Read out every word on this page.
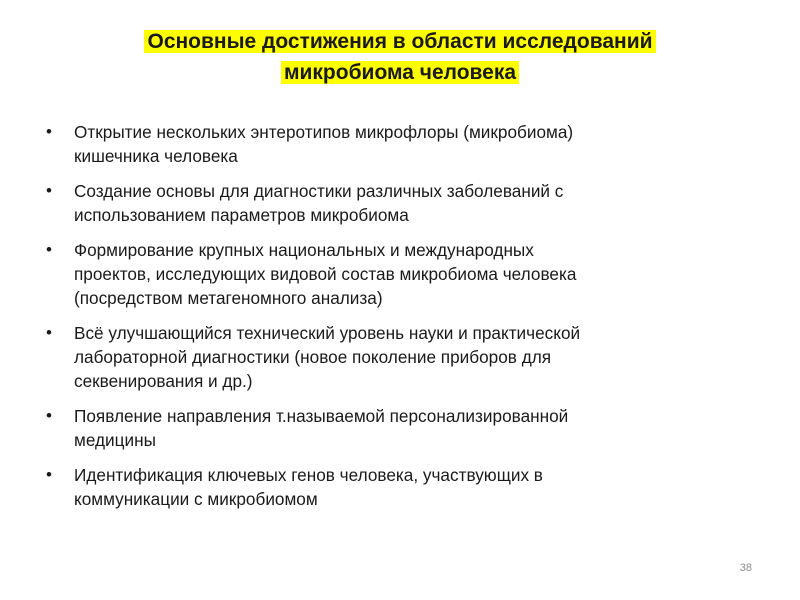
Основные достижения в области исследований
микробиома человека
• Открытие нескольких энтеротипов микрофлоры (микробиома)
кишечника человека
• Создание основы для диагностики различных заболеваний с
использованием параметров микробиома
• Формирование крупных национальных и международных
проектов, исследующих видовой состав микробиома человека
(посредством метагеномного анализа)
• Всё улучшающийся технический уровень науки и практической
лабораторной диагностики (новое поколение приборов для
секвенирования и др.)
• Появление направления т.называемой персонализированной
медицины
• Идентификация ключевых генов человека, участвующих в
коммуникации с микробиомом
38
